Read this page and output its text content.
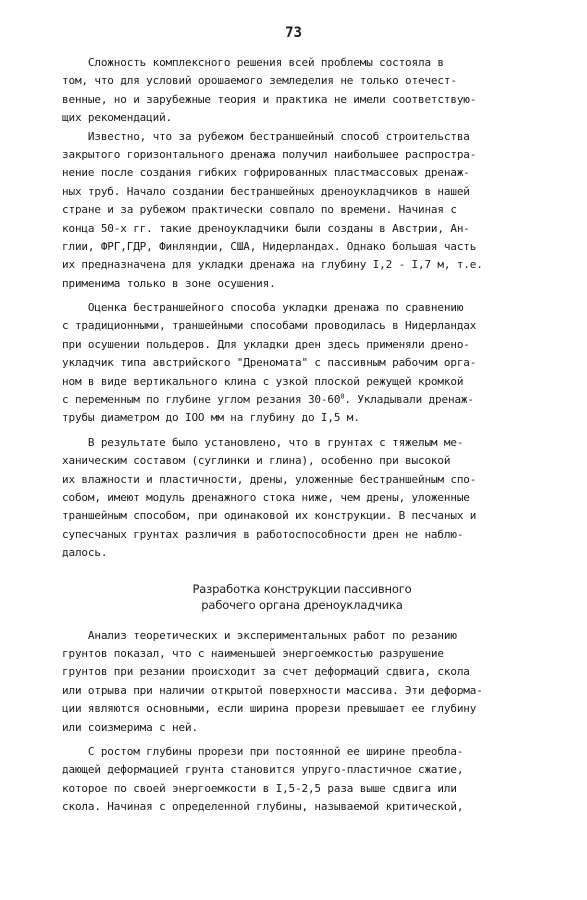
73
Сложность комплексного решения всей проблемы состояла в
том, что для условий орошаемого земледелия не только отечест-
венные, но и зарубежные теория и практика не имели соответствую-
щих рекомендаций.
Известно, что за рубежом бестраншейный способ строительства
закрытого горизонтального дренажа получил наибольшее распростра-
нение после создания гибких гофрированных пластмассовых дренаж-
ных труб. Начало создании бестраншейных дреноукладчиков в нашей
стране и за рубежом практически совпало по времени. Начиная с
конца 50-х гг. такие дреноукладчики были созданы в Австрии, Ан-
глии, ФРГ,ГДР, Финляндии, США, Нидерландах. Однако большая часть
их предназначена для укладки дренажа на глубину I,2 - I,7 м, т.е.
применима только в зоне осушения.
Оценка бестраншейного способа укладки дренажа по сравнению
с традиционными, траншейными способами проводилась в Нидерландах
при осушении польдеров. Для укладки дрен здесь применяли дрено-
укладчик типа австрийского "Дреномата" с пассивным рабочим орга-
ном в виде вертикального клина с узкой плоской режущей кромкой
с переменным по глубине углом резания $30-60^0$. Укладывали дренаж-
трубы диаметром до IOO мм на глубину до I,5 м.
В результате было установлено, что в грунтах с тяжелым ме-
ханическим составом (суглинки и глина), особенно при высокой
их влажности и пластичности, дрены, уложенные бестраншейным спо-
собом, имеют модуль дренажного стока ниже, чем дрены, уложенные
траншейным способом, при одинаковой их конструкции. В песчаных и
супесчаных грунтах различия в работоспособности дрен не наблю-
далось.
Разработка конструкции пассивного
рабочего органа дреноукладчика
Анализ теоретических и экспериментальных работ по резанию
грунтов показал, что с наименьшей энергоемкостью разрушение
грунтов при резании происходит за счет деформаций сдвига, скола
или отрыва при наличии открытой поверхности массива. Эти деформа-
ции являются основными, если ширина прорези превышает ее глубину
или соизмерима с ней.
С ростом глубины прорези при постоянной ее ширине преобла-
дающей деформацией грунта становится упруго-пластичное сжатие,
которое по своей энергоемкости в I,5-2,5 раза выше сдвига или
скола. Начиная с определенной глубины, называемой критической,
